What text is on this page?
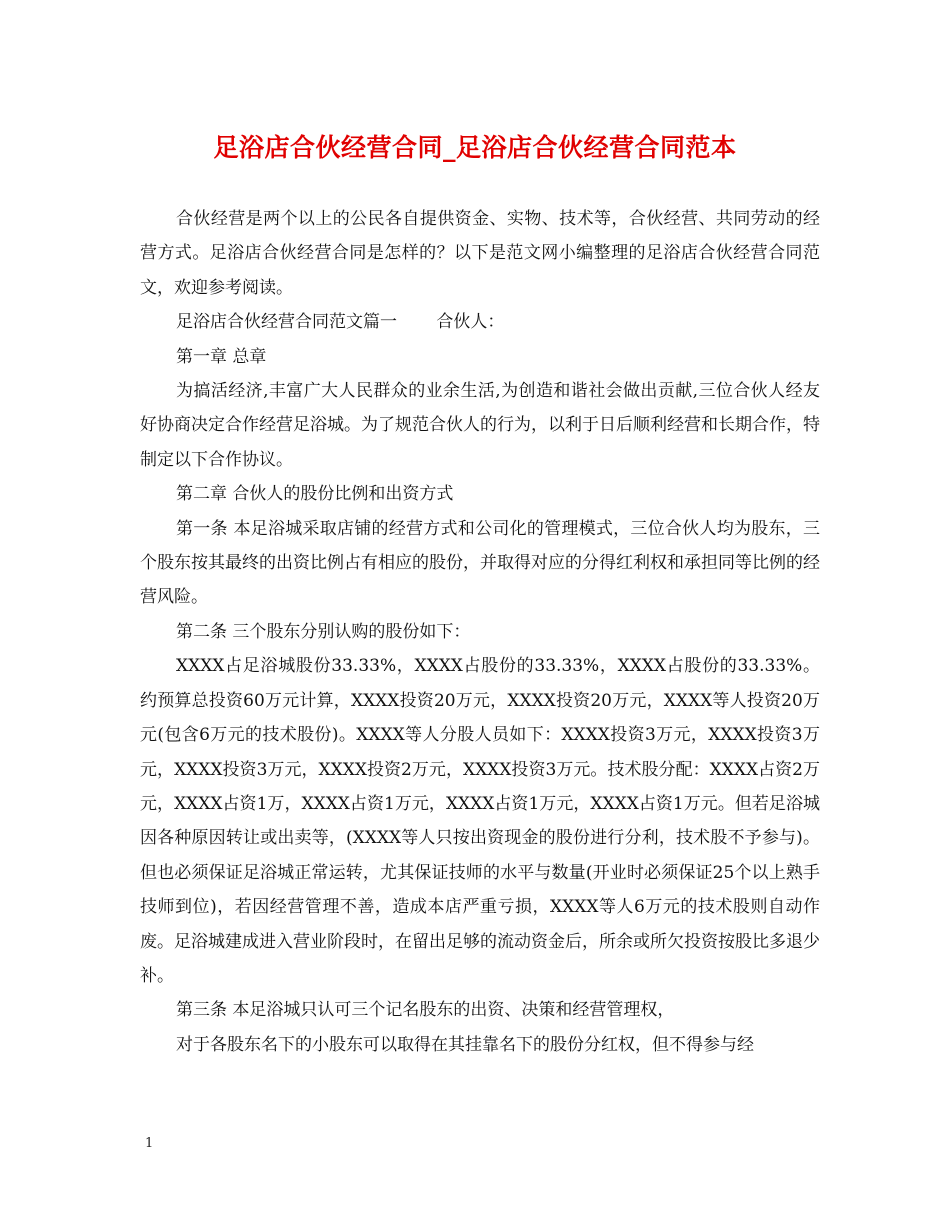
足浴店合伙经营合同_足浴店合伙经营合同范本

合伙经营是两个以上的公民各自提供资金、实物、技术等，合伙经营、共同劳动的经营方式。足浴店合伙经营合同是怎样的？以下是范文网小编整理的足浴店合伙经营合同范文，欢迎参考阅读。

足浴店合伙经营合同范文篇一　　 合伙人：

第一章 总章

为搞活经济,丰富广大人民群众的业余生活,为创造和谐社会做出贡献,三位合伙人经友好协商决定合作经营足浴城。为了规范合伙人的行为，以利于日后顺利经营和长期合作，特制定以下合作协议。

第二章 合伙人的股份比例和出资方式

第一条 本足浴城采取店铺的经营方式和公司化的管理模式，三位合伙人均为股东，三个股东按其最终的出资比例占有相应的股份，并取得对应的分得红利权和承担同等比例的经营风险。

第二条 三个股东分别认购的股份如下：

XXXX占足浴城股份33.33%，XXXX占股份的33.33%，XXXX占股份的33.33%。约预算总投资60万元计算，XXXX投资20万元，XXXX投资20万元，XXXX等人投资20万元(包含6万元的技术股份)。XXXX等人分股人员如下：XXXX投资3万元，XXXX投资3万元，XXXX投资3万元，XXXX投资2万元，XXXX投资3万元。技术股分配：XXXX占资2万元，XXXX占资1万，XXXX占资1万元，XXXX占资1万元，XXXX占资1万元。但若足浴城因各种原因转让或出卖等，(XXXX等人只按出资现金的股份进行分利，技术股不予参与)。但也必须保证足浴城正常运转，尤其保证技师的水平与数量(开业时必须保证25个以上熟手技师到位)，若因经营管理不善，造成本店严重亏损，XXXX等人6万元的技术股则自动作废。足浴城建成进入营业阶段时，在留出足够的流动资金后，所余或所欠投资按股比多退少补。

第三条 本足浴城只认可三个记名股东的出资、决策和经营管理权，

对于各股东名下的小股东可以取得在其挂靠名下的股份分红权，但不得参与经

1
